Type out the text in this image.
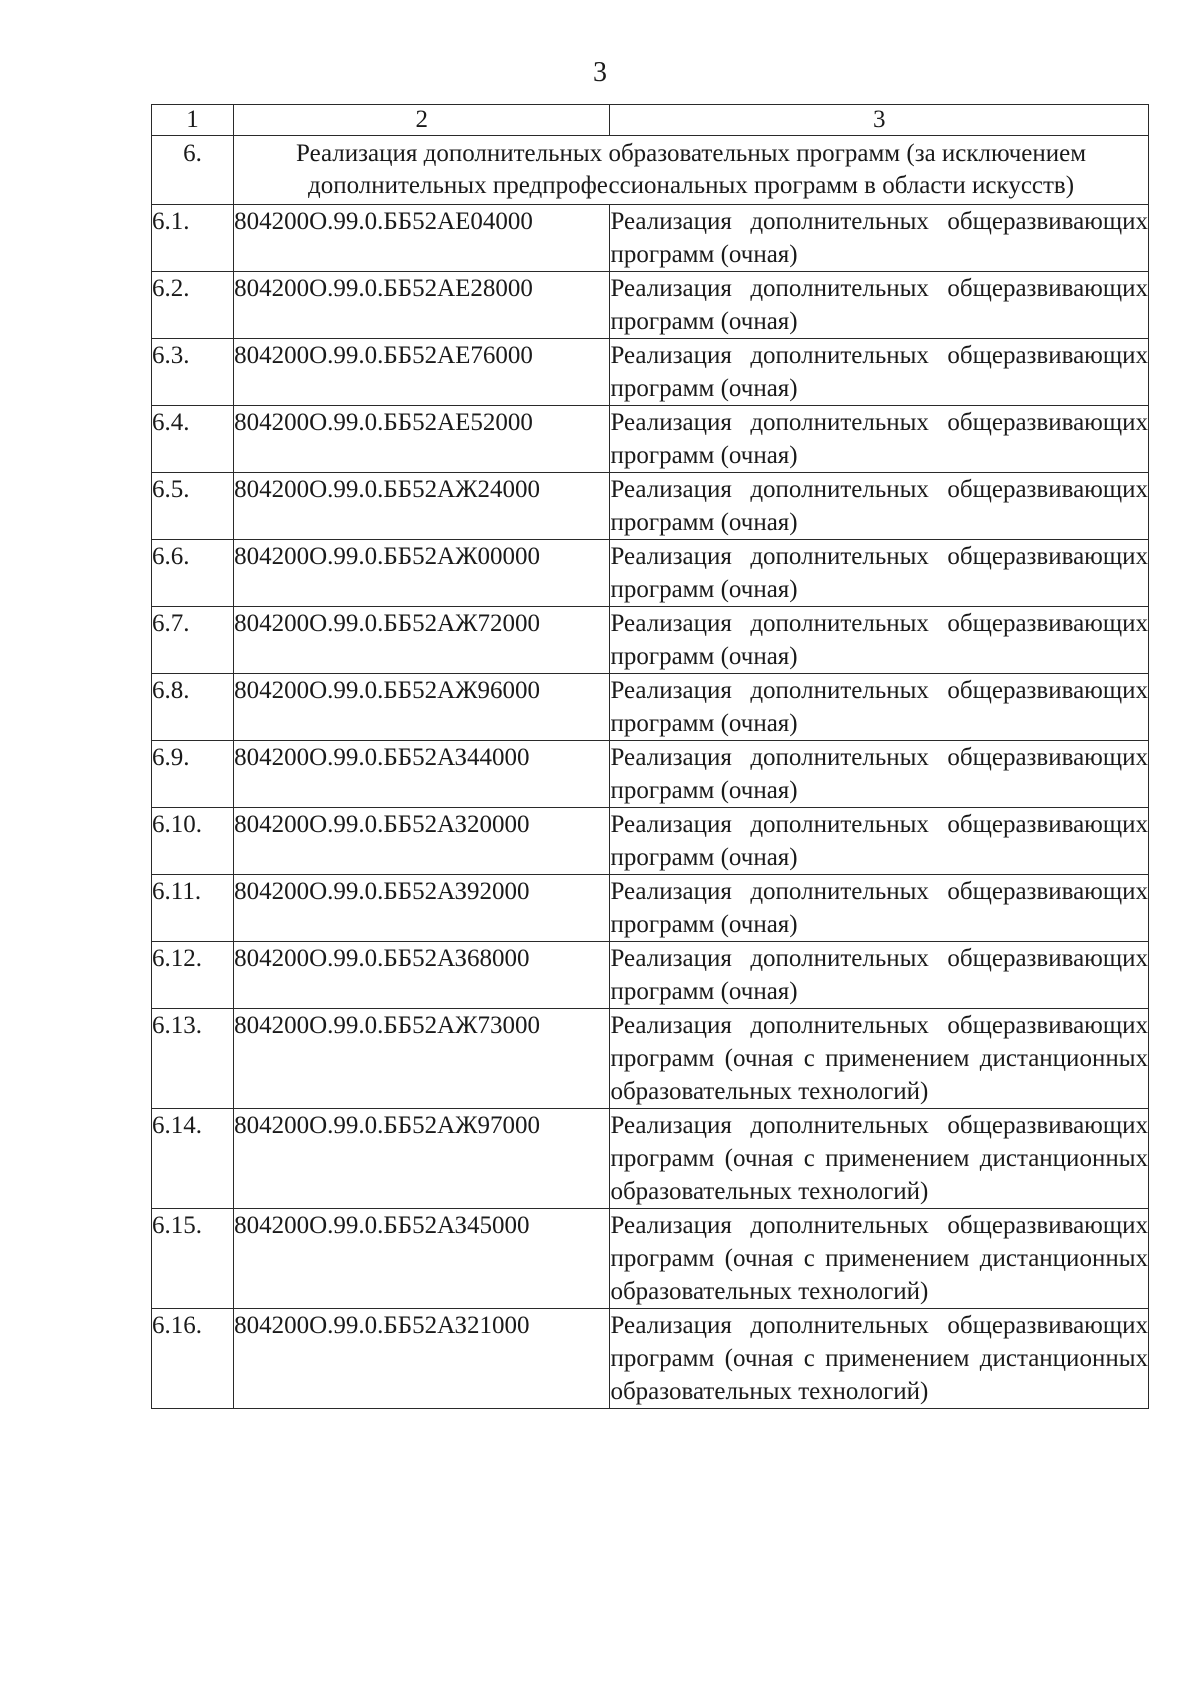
3
1	2	3
6.	Реализация дополнительных образовательных программ (за исключением дополнительных предпрофессиональных программ в области искусств)	

6.1.	804200О.99.0.ББ52АЕ04000	Реализация дополнительных общеразвивающих программ (очная)
6.2.	804200О.99.0.ББ52АЕ28000	Реализация дополнительных общеразвивающих программ (очная)
6.3.	804200О.99.0.ББ52АЕ76000	Реализация дополнительных общеразвивающих программ (очная)
6.4.	804200О.99.0.ББ52АЕ52000	Реализация дополнительных общеразвивающих программ (очная)
6.5.	804200О.99.0.ББ52АЖ24000	Реализация дополнительных общеразвивающих программ (очная)
6.6.	804200О.99.0.ББ52АЖ00000	Реализация дополнительных общеразвивающих программ (очная)
6.7.	804200О.99.0.ББ52АЖ72000	Реализация дополнительных общеразвивающих программ (очная)
6.8.	804200О.99.0.ББ52АЖ96000	Реализация дополнительных общеразвивающих программ (очная)
6.9.	804200О.99.0.ББ52АЗ44000	Реализация дополнительных общеразвивающих программ (очная)
6.10.	804200О.99.0.ББ52АЗ20000	Реализация дополнительных общеразвивающих программ (очная)
6.11.	804200О.99.0.ББ52АЗ92000	Реализация дополнительных общеразвивающих программ (очная)
6.12.	804200О.99.0.ББ52АЗ68000	Реализация дополнительных общеразвивающих программ (очная)
6.13.	804200О.99.0.ББ52АЖ73000	Реализация дополнительных общеразвивающих программ (очная с применением дистанционных образовательных технологий)
6.14.	804200О.99.0.ББ52АЖ97000	Реализация дополнительных общеразвивающих программ (очная с применением дистанционных образовательных технологий)
6.15.	804200О.99.0.ББ52АЗ45000	Реализация дополнительных общеразвивающих программ (очная с применением дистанционных образовательных технологий)
6.16.	804200О.99.0.ББ52АЗ21000	Реализация дополнительных общеразвивающих программ (очная с применением дистанционных образовательных технологий)
